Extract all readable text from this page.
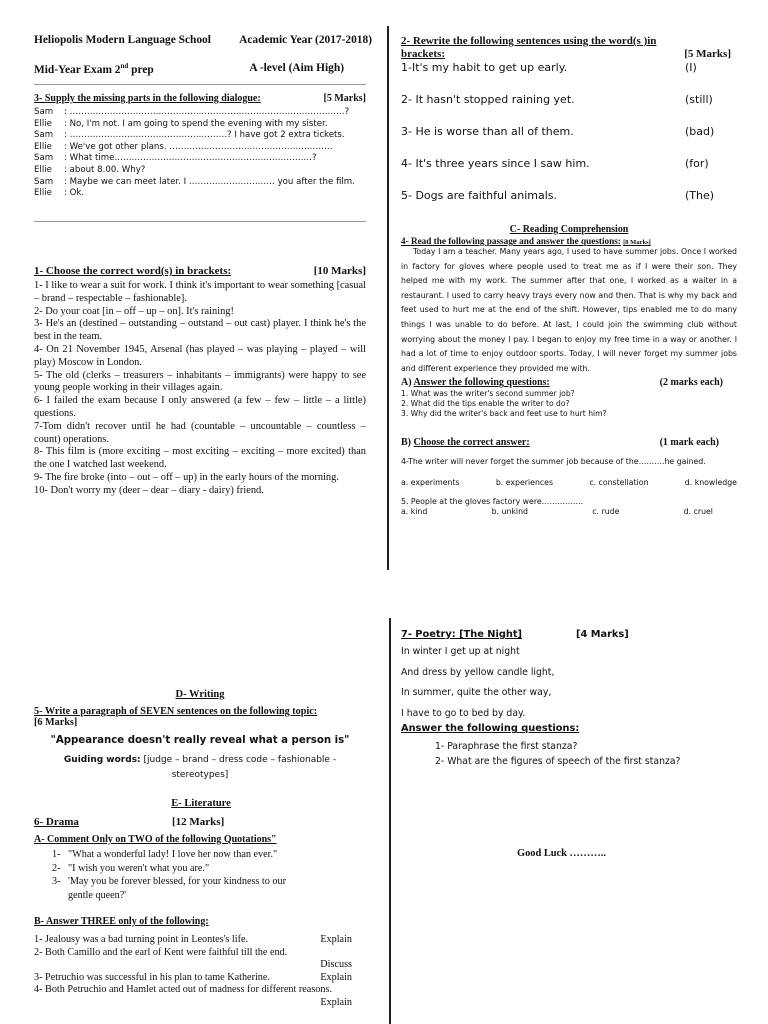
Heliopolis Modern Language School Academic Year (2017-2018)
Mid-Year Exam 2nd prep	A -level (Aim High)
3- Supply the missing parts in the following dialogue:	[5 Marks]
Sam	: ……………………………………………………………………………………?
Ellie	: No, I'm not. I am going to spend the evening with my sister.
Sam	: ……………………………………………….? I have got 2 extra tickets.
Ellie	: We've got other plans. …………………………………………………
Sam	: What time……………………………………………………………?
Ellie	: about 8.00. Why?
Sam	: Maybe we can meet later. I ………………………… you after the film.
Ellie	: Ok.
1- Choose the correct word(s) in brackets:	[10 Marks]

1- I like to wear a suit for work. I think it's important to wear something [casual – brand – respectable – fashionable].

2- Do your coat [in – off – up – on]. It's raining!

3- He's an (destined – outstanding – outstand – out cast) player. I think he's the best in the team.

4- On 21 November 1945, Arsenal (has played – was playing – played – will play) Moscow in London.

5- The old (clerks – treasurers – inhabitants – immigrants) were happy to see young people working in their villages again.

6- I failed the exam because I only answered (a few – few – little – a little) questions.

7-Tom didn't recover until he had (countable – uncountable – countless – count) operations.

8- This film is (more exciting – most exciting – exciting – more excited) than the one I watched last weekend.

9- The fire broke (into – out – off – up) in the early hours of the morning.

10- Don't worry my (deer – dear – diary - dairy) friend.

2- Rewrite the following sentences using the word(s )in
brackets:	[5 Marks]
1-It's my habit to get up early.	(I)
2- It hasn't stopped raining yet.	(still)
3- He is worse than all of them.	(bad)
4- It's three years since I saw him.	(for)
5- Dogs are faithful animals.	(The)
C- Reading Comprehension
4- Read the following passage and answer the questions: [8 Marks]

Today I am a teacher. Many years ago, I used to have summer jobs. Once I worked in factory for gloves where people used to treat me as if I were their son. They helped me with my work. The summer after that one, I worked as a waiter in a restaurant. I used to carry heavy trays every now and then. That is why my back and feet used to hurt me at the end of the shift. However, tips enabled me to do many things I was unable to do before. At last, I could join the swimming club without worrying about the money I pay. I began to enjoy my free time in a way or another. I had a lot of time to enjoy outdoor sports. Today, I will never forget my summer jobs and different experience they provided me with.

A) Answer the following questions:	(2 marks each)
1. What was the writer's second summer job?
2. What did the tips enable the writer to do?
3. Why did the writer's back and feet use to hurt him?
B) Choose the correct answer:	(1 mark each)
4-The writer will never forget the summer job because of the……….he gained.
a. experiments	b. experiences	c. constellation	d. knowledge
5. People at the gloves factory were…………….
a. kind	b. unkind	c. rude	d. cruel
D- Writing
5- Write a paragraph of SEVEN sentences on the following topic:
[6 Marks]
"Appearance doesn't really reveal what a person is"
Guiding words: [judge – brand – dress code – fashionable - stereotypes]
E- Literature
6- Drama	[12 Marks]
A- Comment Only on TWO of the following Quotations"
1- "What a wonderful lady! I love her now than ever."
2- "I wish you weren't what you are."
3- 'May you be forever blessed, for your kindness to our gentle queen?'
B- Answer THREE only of the following:
1- Jealousy was a bad turning point in Leontes's life.	Explain
2- Both Camillo and the earl of Kent were faithful till the end.
Discuss
3- Petruchio was successful in his plan to tame Katherine.	Explain
4- Both Petruchio and Hamlet acted out of madness for different reasons.
Explain
7- Poetry: [The Night]	[4 Marks]
In winter I get up at night
And dress by yellow candle light,
In summer, quite the other way,
I have to go to bed by day.
Answer the following questions:
1- Paraphrase the first stanza?
2- What are the figures of speech of the first stanza?
Good Luck ………..
